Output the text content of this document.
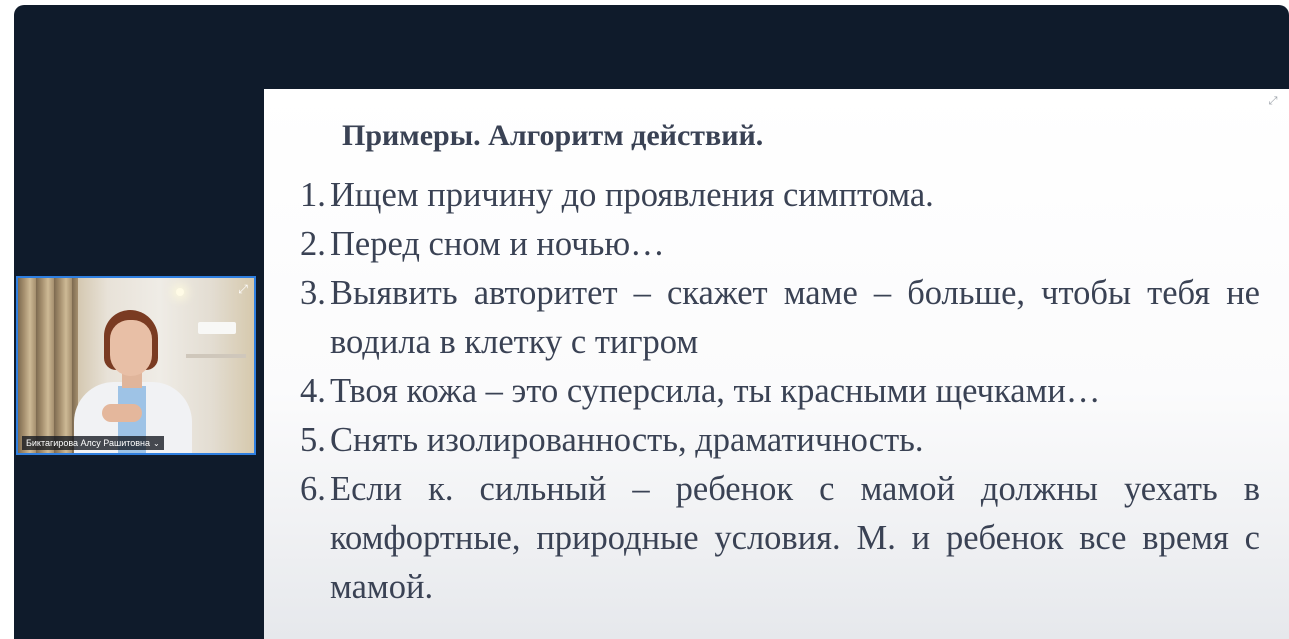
⤢
Примеры. Алгоритм действий.
1. Ищем причину до проявления симптома.
2. Перед сном и ночью…
3. Выявить авторитет – скажет маме – больше, чтобы тебя не водила в клетку с тигром
4. Твоя кожа – это суперсила, ты красными щечками…
5. Снять изолированность, драматичность.
6. Если к. сильный – ребенок с мамой должны уехать в комфортные, природные условия. М. и ребенок все время с мамой.
⤢
Биктагирова Алсу Рашитовна ⌄
